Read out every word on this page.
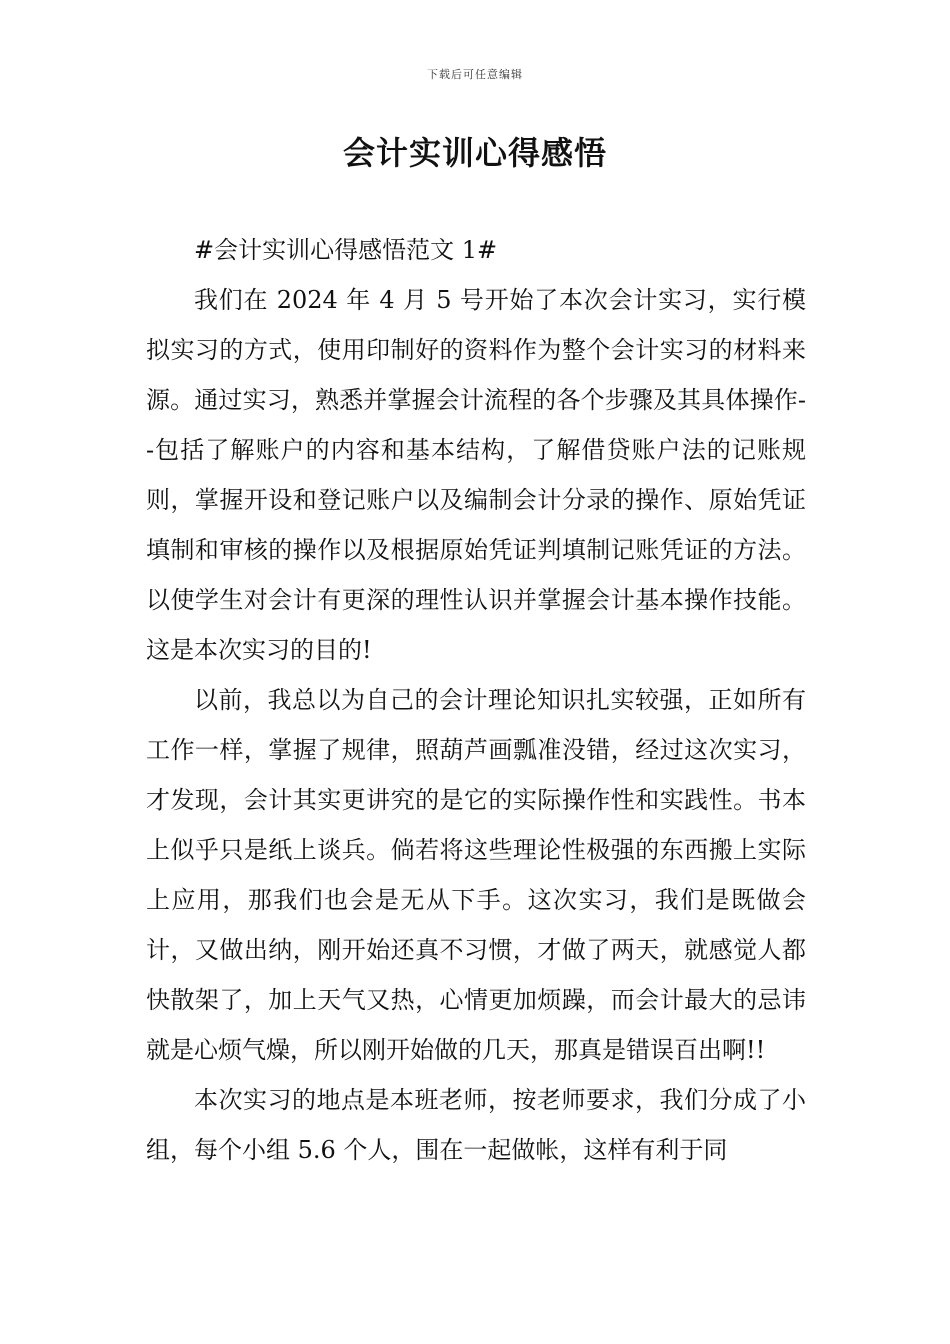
下载后可任意编辑
会计实训心得感悟

#会计实训心得感悟范文 1#

我们在 2024 年 4 月 5 号开始了本次会计实习，实行模拟实习的方式，使用印制好的资料作为整个会计实习的材料来源。通过实习，熟悉并掌握会计流程的各个步骤及其具体操作--包括了解账户的内容和基本结构，了解借贷账户法的记账规则，掌握开设和登记账户以及编制会计分录的操作、原始凭证填制和审核的操作以及根据原始凭证判填制记账凭证的方法。以使学生对会计有更深的理性认识并掌握会计基本操作技能。这是本次实习的目的!

以前，我总以为自己的会计理论知识扎实较强，正如所有工作一样，掌握了规律，照葫芦画瓢准没错，经过这次实习，才发现，会计其实更讲究的是它的实际操作性和实践性。书本上似乎只是纸上谈兵。倘若将这些理论性极强的东西搬上实际上应用，那我们也会是无从下手。这次实习，我们是既做会计，又做出纳，刚开始还真不习惯，才做了两天，就感觉人都快散架了，加上天气又热，心情更加烦躁，而会计最大的忌讳就是心烦气燥，所以刚开始做的几天，那真是错误百出啊!!

本次实习的地点是本班老师，按老师要求，我们分成了小组，每个小组 5.6 个人，围在一起做帐，这样有利于同
